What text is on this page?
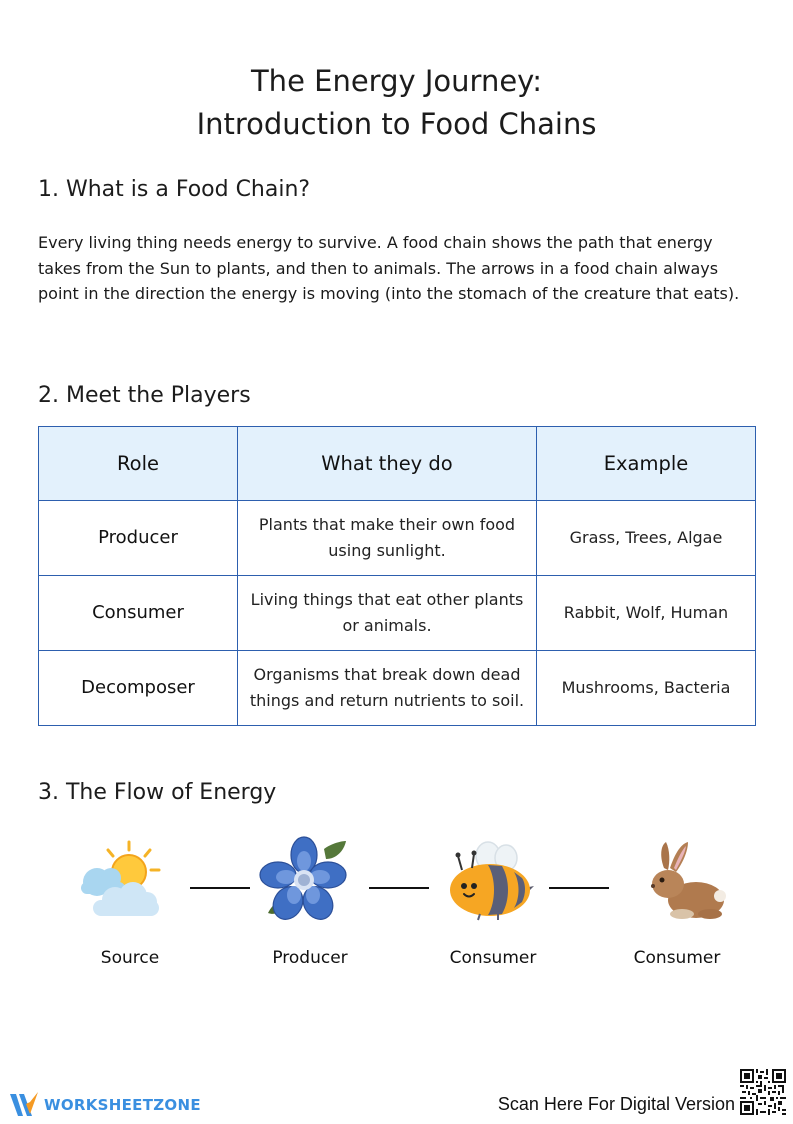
The Energy Journey:
Introduction to Food Chains
1. What is a Food Chain?
Every living thing needs energy to survive. A food chain shows the path that energy takes from the Sun to plants, and then to animals. The arrows in a food chain always point in the direction the energy is moving (into the stomach of the creature that eats).
2. Meet the Players
Role	What they do	Example
Producer	Plants that make their own food using sunlight.	Grass, Trees, Algae
Consumer	Living things that eat other plants or animals.	Rabbit, Wolf, Human
Decomposer	Organisms that break down dead things and return nutrients to soil.	Mushrooms, Bacteria
3. The Flow of Energy
Source	Producer	Consumer	Consumer
WORKSHEETZONE	Scan Here For Digital Version
